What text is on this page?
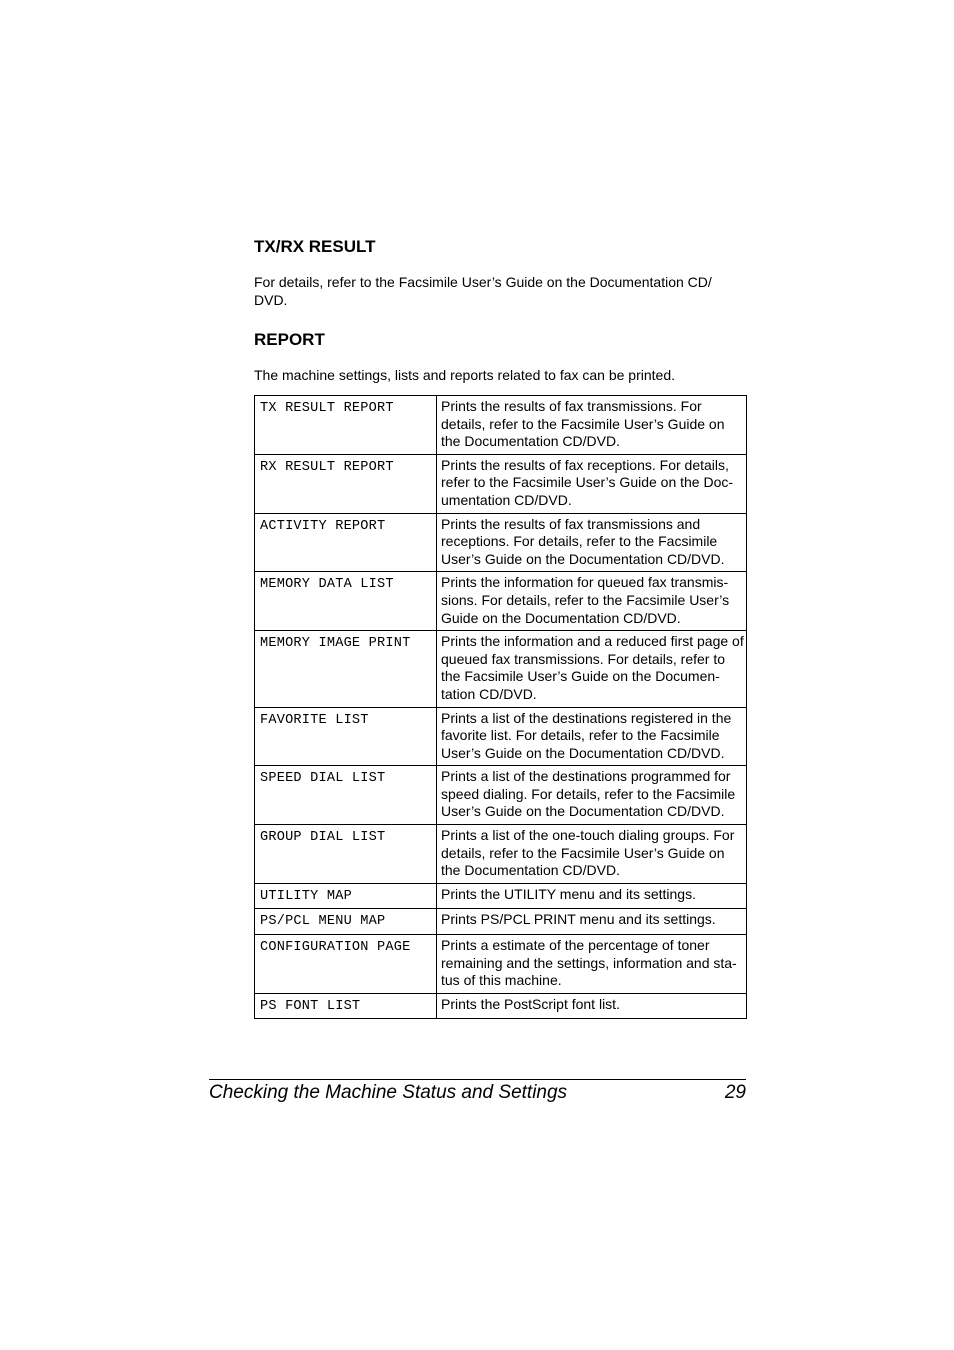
TX/RX RESULT

For details, refer to the Facsimile User’s Guide on the Documentation CD/ DVD.

REPORT

The machine settings, lists and reports related to fax can be printed.

TX RESULT REPORT	Prints the results of fax transmissions. For details, refer to the Facsimile User’s Guide on the Documentation CD/DVD.
RX RESULT REPORT	Prints the results of fax receptions. For details, refer to the Facsimile User’s Guide on the Doc- umentation CD/DVD.
ACTIVITY REPORT	Prints the results of fax transmissions and receptions. For details, refer to the Facsimile User’s Guide on the Documentation CD/DVD.
MEMORY DATA LIST	Prints the information for queued fax transmis- sions. For details, refer to the Facsimile User’s Guide on the Documentation CD/DVD.
MEMORY IMAGE PRINT	Prints the information and a reduced first page of queued fax transmissions. For details, refer to the Facsimile User’s Guide on the Documen- tation CD/DVD.
FAVORITE LIST	Prints a list of the destinations registered in the favorite list. For details, refer to the Facsimile User’s Guide on the Documentation CD/DVD.
SPEED DIAL LIST	Prints a list of the destinations programmed for speed dialing. For details, refer to the Facsimile User’s Guide on the Documentation CD/DVD.
GROUP DIAL LIST	Prints a list of the one-touch dialing groups. For details, refer to the Facsimile User’s Guide on the Documentation CD/DVD.
UTILITY MAP	Prints the UTILITY menu and its settings.
PS/PCL MENU MAP	Prints PS/PCL PRINT menu and its settings.
CONFIGURATION PAGE	Prints a estimate of the percentage of toner remaining and the settings, information and sta- tus of this machine.
PS FONT LIST	Prints the PostScript font list.
Checking the Machine Status and Settings	29
